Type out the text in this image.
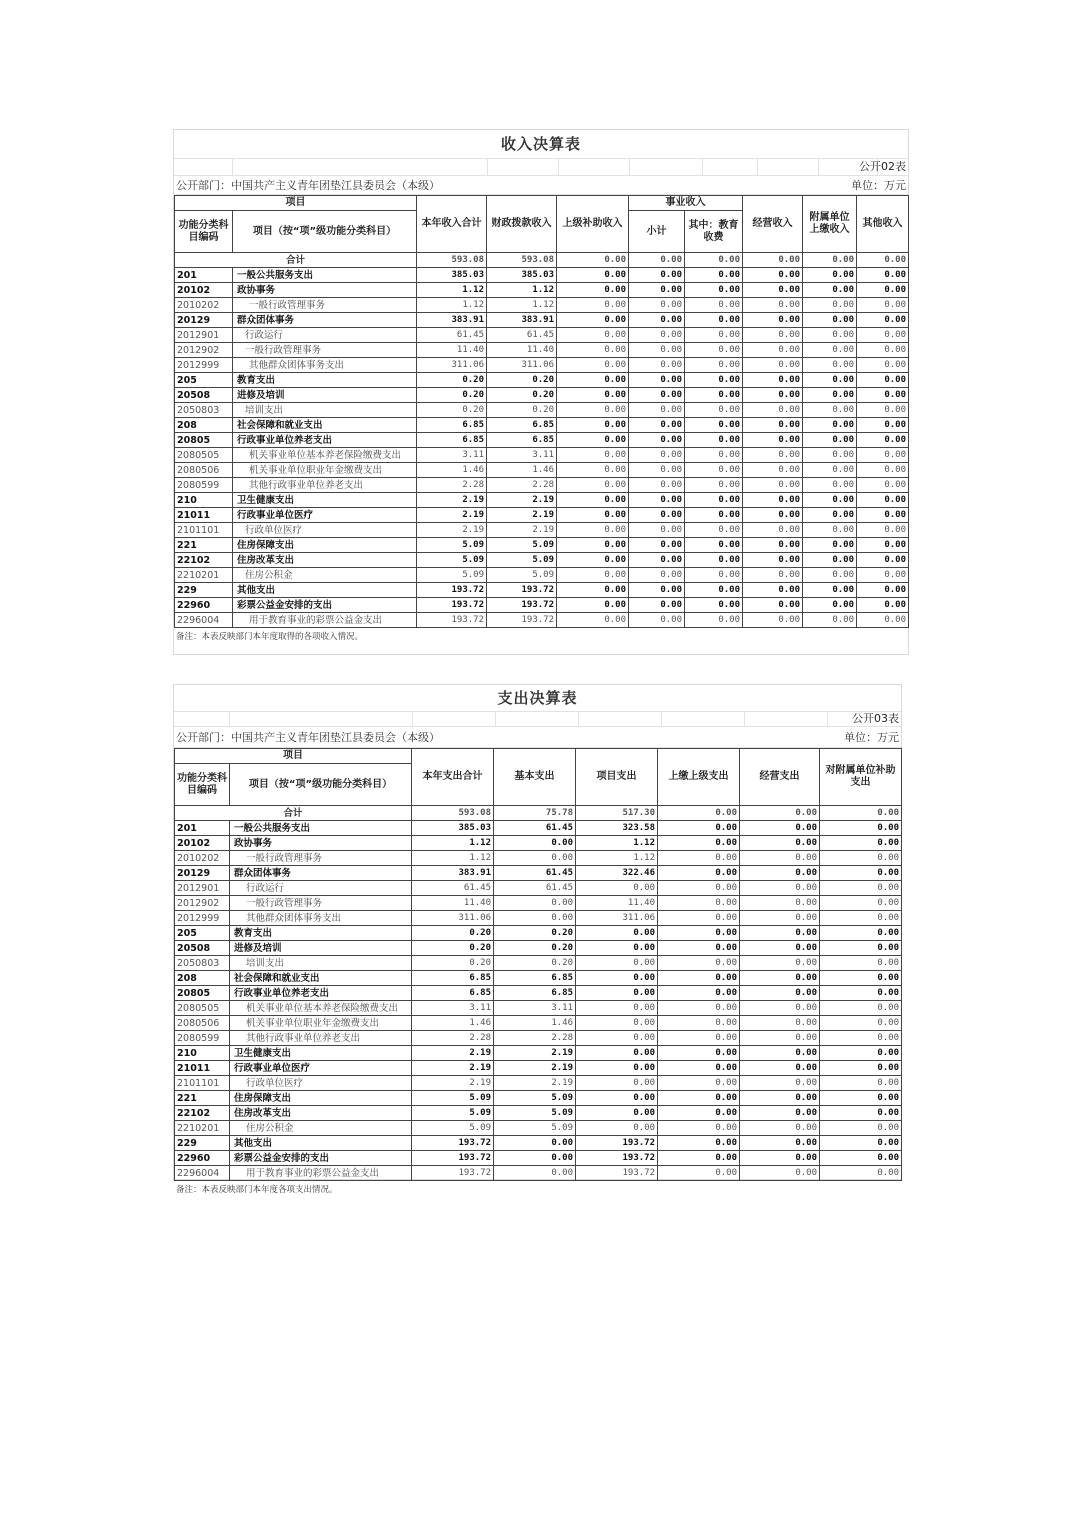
收入决算表
公开02表
公开部门：中国共产主义青年团垫江县委员会（本级）	单位：万元
项目		本年收入合计	财政拨款收入	上级补助收入	事业收入		经营收入	附属单位上缴收入	其他收入
功能分类科目编码	项目（按“项”级功能分类科目）				小计	其中：教育收费			

合计		593.08	593.08	0.00	0.00	0.00	0.00	0.00	0.00
201	一般公共服务支出	385.03	385.03	0.00	0.00	0.00	0.00	0.00	0.00
20102	政协事务	1.12	1.12	0.00	0.00	0.00	0.00	0.00	0.00
2010202	一般行政管理事务	1.12	1.12	0.00	0.00	0.00	0.00	0.00	0.00
20129	群众团体事务	383.91	383.91	0.00	0.00	0.00	0.00	0.00	0.00
2012901	行政运行	61.45	61.45	0.00	0.00	0.00	0.00	0.00	0.00
2012902	一般行政管理事务	11.40	11.40	0.00	0.00	0.00	0.00	0.00	0.00
2012999	其他群众团体事务支出	311.06	311.06	0.00	0.00	0.00	0.00	0.00	0.00
205	教育支出	0.20	0.20	0.00	0.00	0.00	0.00	0.00	0.00
20508	进修及培训	0.20	0.20	0.00	0.00	0.00	0.00	0.00	0.00
2050803	培训支出	0.20	0.20	0.00	0.00	0.00	0.00	0.00	0.00
208	社会保障和就业支出	6.85	6.85	0.00	0.00	0.00	0.00	0.00	0.00
20805	行政事业单位养老支出	6.85	6.85	0.00	0.00	0.00	0.00	0.00	0.00
2080505	机关事业单位基本养老保险缴费支出	3.11	3.11	0.00	0.00	0.00	0.00	0.00	0.00
2080506	机关事业单位职业年金缴费支出	1.46	1.46	0.00	0.00	0.00	0.00	0.00	0.00
2080599	其他行政事业单位养老支出	2.28	2.28	0.00	0.00	0.00	0.00	0.00	0.00
210	卫生健康支出	2.19	2.19	0.00	0.00	0.00	0.00	0.00	0.00
21011	行政事业单位医疗	2.19	2.19	0.00	0.00	0.00	0.00	0.00	0.00
2101101	行政单位医疗	2.19	2.19	0.00	0.00	0.00	0.00	0.00	0.00
221	住房保障支出	5.09	5.09	0.00	0.00	0.00	0.00	0.00	0.00
22102	住房改革支出	5.09	5.09	0.00	0.00	0.00	0.00	0.00	0.00
2210201	住房公积金	5.09	5.09	0.00	0.00	0.00	0.00	0.00	0.00
229	其他支出	193.72	193.72	0.00	0.00	0.00	0.00	0.00	0.00
22960	彩票公益金安排的支出	193.72	193.72	0.00	0.00	0.00	0.00	0.00	0.00
2296004	用于教育事业的彩票公益金支出	193.72	193.72	0.00	0.00	0.00	0.00	0.00	0.00
备注：本表反映部门本年度取得的各项收入情况。
支出决算表
公开03表
公开部门：中国共产主义青年团垫江县委员会（本级）	单位：万元
项目		本年支出合计	基本支出	项目支出	上缴上级支出	经营支出	对附属单位补助支出
功能分类科目编码	项目（按“项”级功能分类科目）						
合计		593.08	75.78	517.30	0.00	0.00	0.00
201	一般公共服务支出	385.03	61.45	323.58	0.00	0.00	0.00
20102	政协事务	1.12	0.00	1.12	0.00	0.00	0.00
2010202	一般行政管理事务	1.12	0.00	1.12	0.00	0.00	0.00
20129	群众团体事务	383.91	61.45	322.46	0.00	0.00	0.00
2012901	行政运行	61.45	61.45	0.00	0.00	0.00	0.00
2012902	一般行政管理事务	11.40	0.00	11.40	0.00	0.00	0.00
2012999	其他群众团体事务支出	311.06	0.00	311.06	0.00	0.00	0.00
205	教育支出	0.20	0.20	0.00	0.00	0.00	0.00
20508	进修及培训	0.20	0.20	0.00	0.00	0.00	0.00
2050803	培训支出	0.20	0.20	0.00	0.00	0.00	0.00
208	社会保障和就业支出	6.85	6.85	0.00	0.00	0.00	0.00
20805	行政事业单位养老支出	6.85	6.85	0.00	0.00	0.00	0.00
2080505	机关事业单位基本养老保险缴费支出	3.11	3.11	0.00	0.00	0.00	0.00
2080506	机关事业单位职业年金缴费支出	1.46	1.46	0.00	0.00	0.00	0.00
2080599	其他行政事业单位养老支出	2.28	2.28	0.00	0.00	0.00	0.00
210	卫生健康支出	2.19	2.19	0.00	0.00	0.00	0.00
21011	行政事业单位医疗	2.19	2.19	0.00	0.00	0.00	0.00
2101101	行政单位医疗	2.19	2.19	0.00	0.00	0.00	0.00
221	住房保障支出	5.09	5.09	0.00	0.00	0.00	0.00
22102	住房改革支出	5.09	5.09	0.00	0.00	0.00	0.00
2210201	住房公积金	5.09	5.09	0.00	0.00	0.00	0.00
229	其他支出	193.72	0.00	193.72	0.00	0.00	0.00
22960	彩票公益金安排的支出	193.72	0.00	193.72	0.00	0.00	0.00
2296004	用于教育事业的彩票公益金支出	193.72	0.00	193.72	0.00	0.00	0.00
备注：本表反映部门本年度各项支出情况。
